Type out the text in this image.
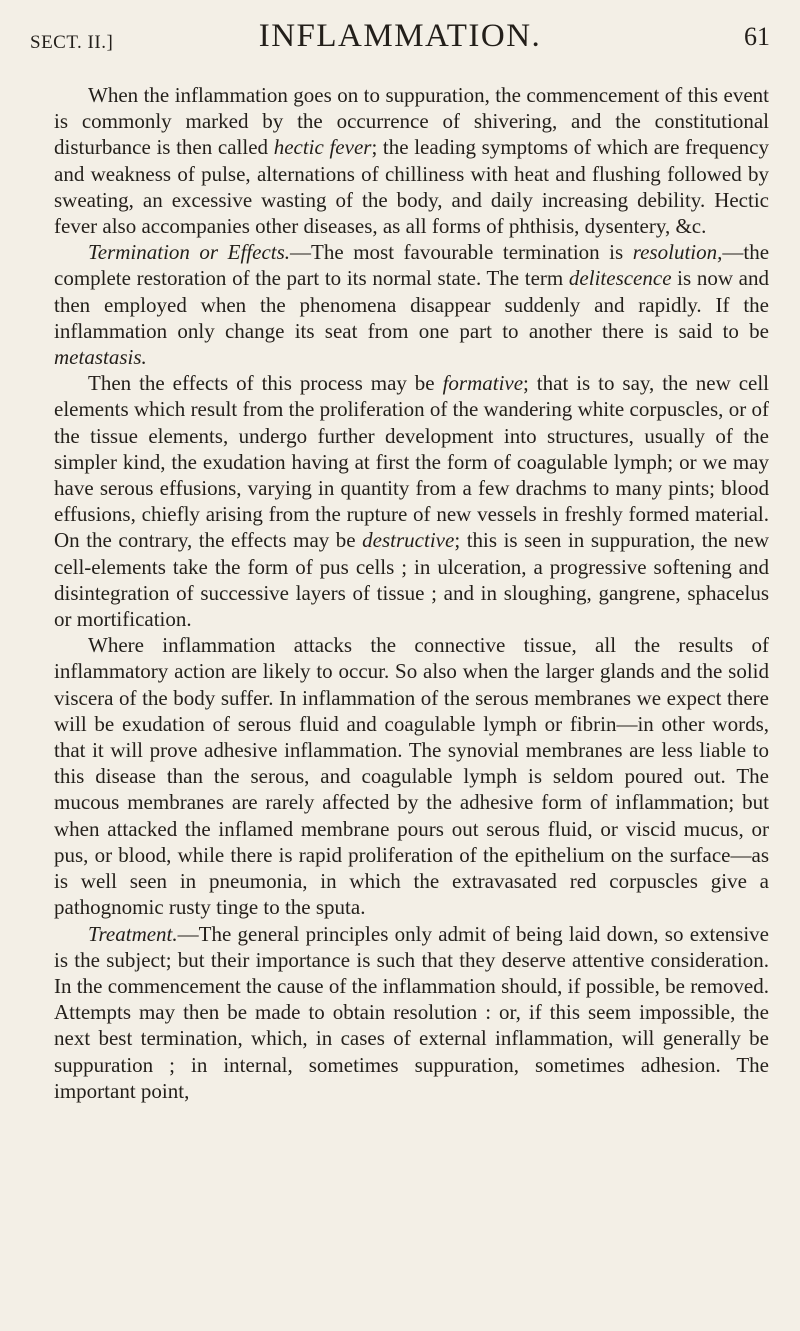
SECT. II.]	INFLAMMATION.	61

When the inflammation goes on to suppuration, the commencement of this event is commonly marked by the occurrence of shivering, and the constitutional disturbance is then called hectic fever; the leading symptoms of which are frequency and weakness of pulse, alternations of chilliness with heat and flushing followed by sweating, an excessive wasting of the body, and daily increasing debility. Hectic fever also accompanies other diseases, as all forms of phthisis, dysentery, &c.

Termination or Effects.—The most favourable termination is resolution,—the complete restoration of the part to its normal state. The term delitescence is now and then employed when the phenomena disappear suddenly and rapidly. If the inflammation only change its seat from one part to another there is said to be metastasis.

Then the effects of this process may be formative; that is to say, the new cell elements which result from the proliferation of the wandering white corpuscles, or of the tissue elements, undergo further development into structures, usually of the simpler kind, the exudation having at first the form of coagulable lymph; or we may have serous effusions, varying in quantity from a few drachms to many pints; blood effusions, chiefly arising from the rupture of new vessels in freshly formed material. On the contrary, the effects may be destructive; this is seen in suppuration, the new cell-elements take the form of pus cells ; in ulceration, a progressive softening and disintegration of successive layers of tissue ; and in sloughing, gangrene, sphacelus or mortification.

Where inflammation attacks the connective tissue, all the results of inflammatory action are likely to occur. So also when the larger glands and the solid viscera of the body suffer. In inflammation of the serous membranes we expect there will be exudation of serous fluid and coagulable lymph or fibrin—in other words, that it will prove adhesive inflammation. The synovial membranes are less liable to this disease than the serous, and coagulable lymph is seldom poured out. The mucous membranes are rarely affected by the adhesive form of inflammation; but when attacked the inflamed membrane pours out serous fluid, or viscid mucus, or pus, or blood, while there is rapid proliferation of the epithelium on the surface—as is well seen in pneumonia, in which the extravasated red corpuscles give a pathognomic rusty tinge to the sputa.

Treatment.—The general principles only admit of being laid down, so extensive is the subject; but their importance is such that they deserve attentive consideration. In the commencement the cause of the inflammation should, if possible, be removed. Attempts may then be made to obtain resolution : or, if this seem impossible, the next best termination, which, in cases of external inflammation, will generally be suppuration ; in internal, sometimes suppuration, sometimes adhesion. The important point,
